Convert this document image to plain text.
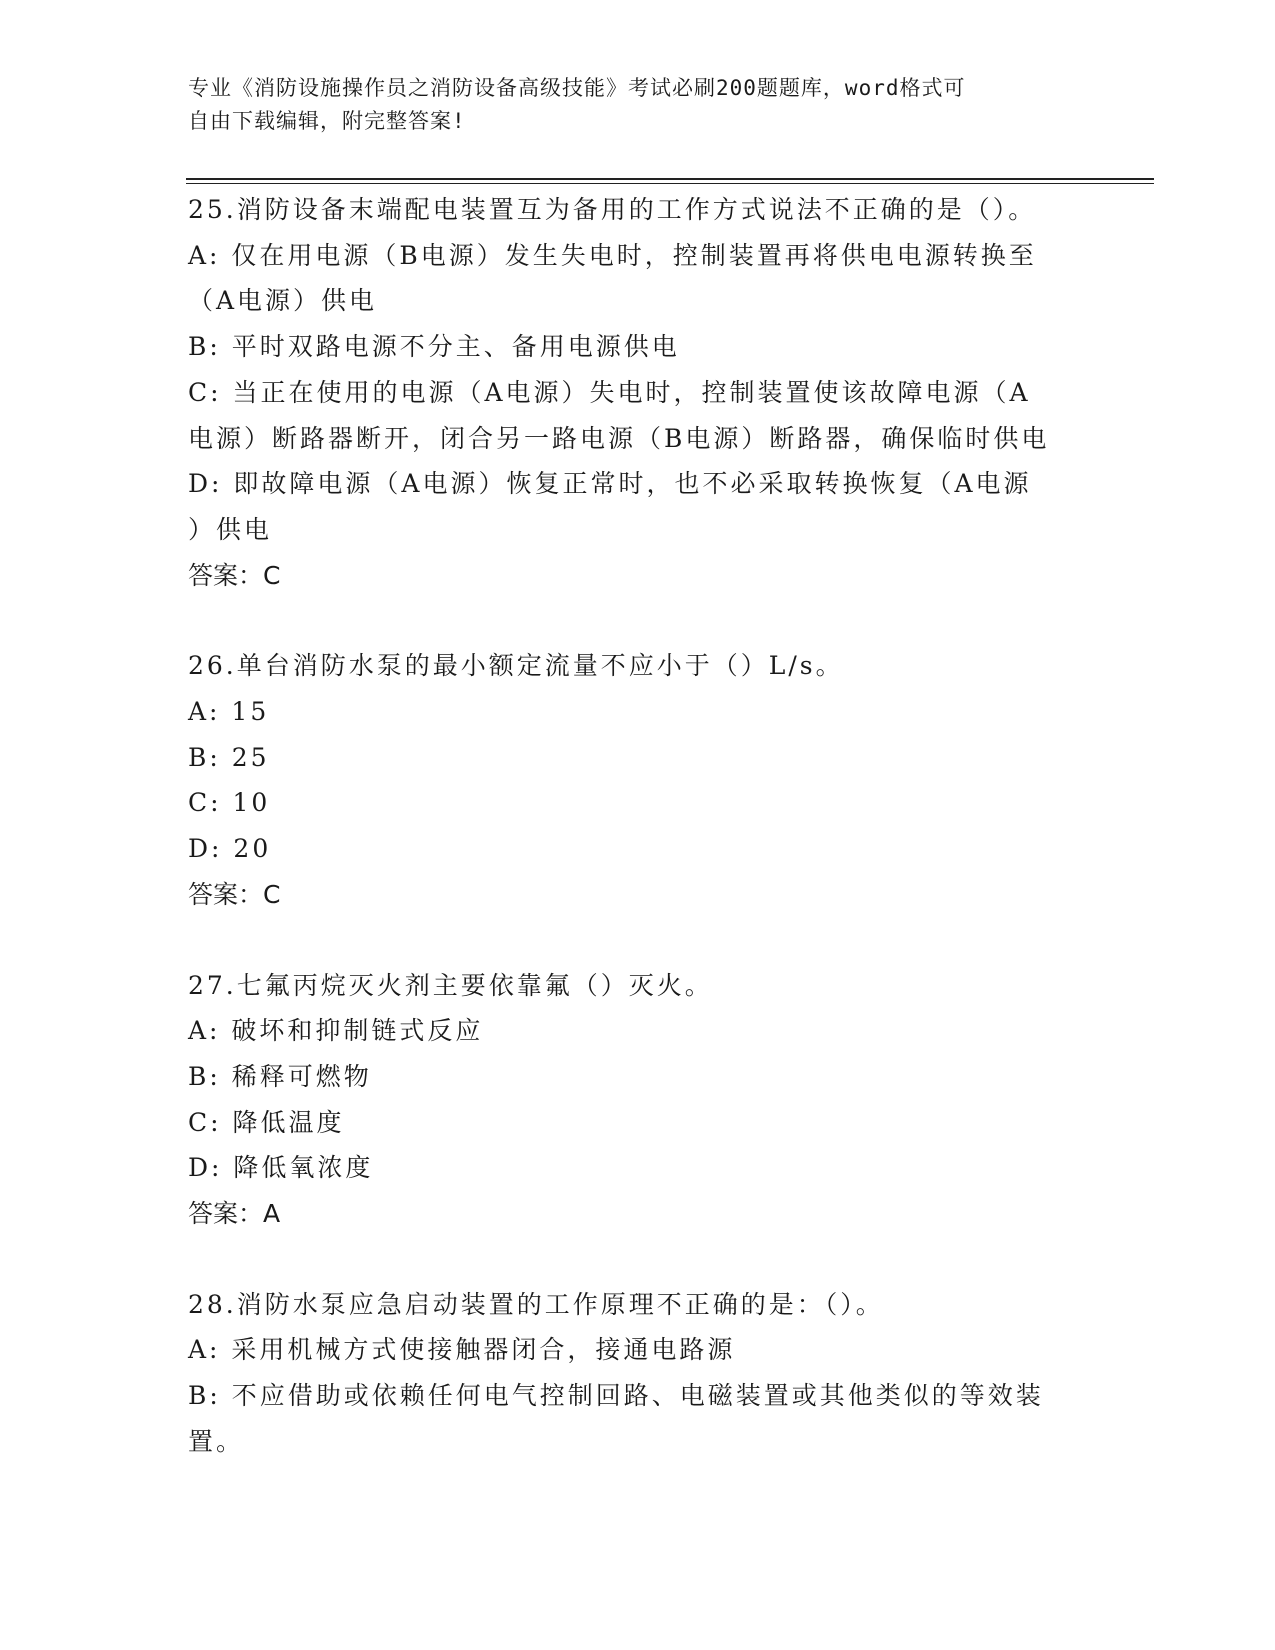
专业《消防设施操作员之消防设备高级技能》考试必刷200题题库，word格式可
自由下载编辑，附完整答案!
25.消防设备末端配电装置互为备用的工作方式说法不正确的是（）。
A: 仅在用电源（B电源）发生失电时，控制装置再将供电电源转换至
（A电源）供电
B: 平时双路电源不分主、备用电源供电
C: 当正在使用的电源（A电源）失电时，控制装置使该故障电源（A
电源）断路器断开，闭合另一路电源（B电源）断路器，确保临时供电
D: 即故障电源（A电源）恢复正常时，也不必采取转换恢复（A电源
）供电
答案：C
26.单台消防水泵的最小额定流量不应小于（）L/s。
A: 15
B: 25
C: 10
D: 20
答案：C
27.七氟丙烷灭火剂主要依靠氟（）灭火。
A: 破坏和抑制链式反应
B: 稀释可燃物
C: 降低温度
D: 降低氧浓度
答案：A
28.消防水泵应急启动装置的工作原理不正确的是：（）。
A: 采用机械方式使接触器闭合，接通电路源
B: 不应借助或依赖任何电气控制回路、电磁装置或其他类似的等效装
置。
